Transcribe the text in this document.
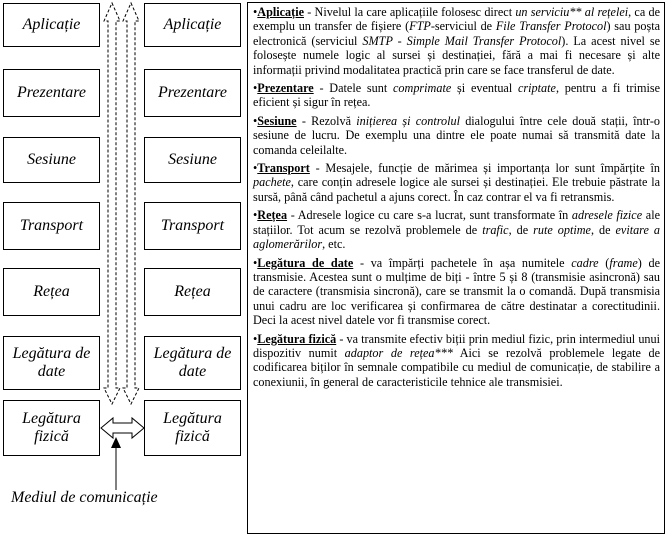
Aplicație
Prezentare
Sesiune
Transport
Rețea
Legătura de date
Legătura fizică
Aplicație
Prezentare
Sesiune
Transport
Rețea
Legătura de date
Legătura fizică
Mediul de comunicație

•Aplicație - Nivelul la care aplicațiile folosesc direct un serviciu** al rețelei, ca de exemplu un transfer de fișiere (FTP-serviciul de File Transfer Protocol) sau poșta electronică (serviciul SMTP - Simple Mail Transfer Protocol). La acest nivel se folosește numele logic al sursei și destinației, fără a mai fi necesare și alte informații privind modalitatea practică prin care se face transferul de date.

•Prezentare - Datele sunt comprimate și eventual criptate, pentru a fi trimise eficient și sigur în rețea.

•Sesiune - Rezolvă inițierea și controlul dialogului între cele două stații, într-o sesiune de lucru. De exemplu una dintre ele poate numai să transmită date la comanda celeilalte.

•Transport - Mesajele, funcție de mărimea și importanța lor sunt împărțite în pachete, care conțin adresele logice ale sursei și destinației. Ele trebuie păstrate la sursă, până când pachetul a ajuns corect. În caz contrar el va fi retransmis.

•Rețea - Adresele logice cu care s-a lucrat, sunt transformate în adresele fizice ale stațiilor. Tot acum se rezolvă problemele de trafic, de rute optime, de evitare a aglomerărilor, etc.

•Legătura de date - va împărți pachetele în așa numitele cadre (frame) de transmisie. Acestea sunt o mulțime de biți - între 5 și 8 (transmisie asincronă) sau de caractere (transmisia sincronă), care se transmit la o comandă. După transmisia unui cadru are loc verificarea și confirmarea de către destinatar a corectitudinii. Deci la acest nivel datele vor fi transmise corect.

•Legătura fizică - va transmite efectiv biții prin mediul fizic, prin intermediul unui dispozitiv numit adaptor de rețea*** Aici se rezolvă problemele legate de codificarea biților în semnale compatibile cu mediul de comunicație, de stabilire a conexiunii, în general de caracteristicile tehnice ale transmisiei.
